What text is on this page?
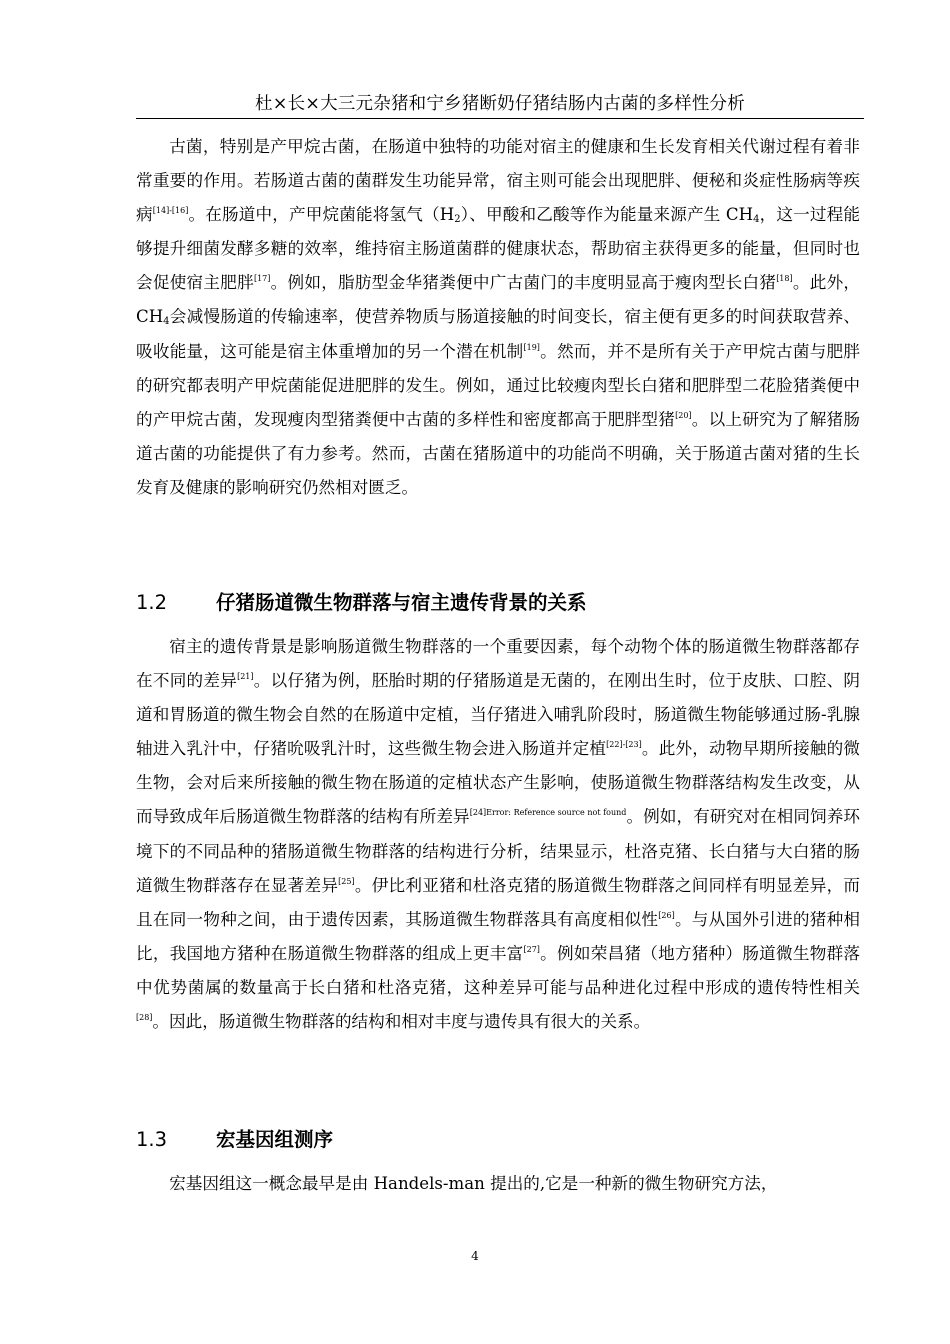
杜×长×大三元杂猪和宁乡猪断奶仔猪结肠内古菌的多样性分析

古菌，特别是产甲烷古菌，在肠道中独特的功能对宿主的健康和生长发育相关代谢过程有着非常重要的作用。若肠道古菌的菌群发生功能异常，宿主则可能会出现肥胖、便秘和炎症性肠病等疾病[14]-[16]。在肠道中，产甲烷菌能将氢气$(H_2)$、甲酸和乙酸等作为能量来源产生 $CH_4$，这一过程能够提升细菌发酵多糖的效率，维持宿主肠道菌群的健康状态，帮助宿主获得更多的能量，但同时也会促使宿主肥胖[17]。例如，脂肪型金华猪粪便中广古菌门的丰度明显高于瘦肉型长白猪[18]。此外，$CH_4$会减慢肠道的传输速率，使营养物质与肠道接触的时间变长，宿主便有更多的时间获取营养、吸收能量，这可能是宿主体重增加的另一个潜在机制[19]。然而，并不是所有关于产甲烷古菌与肥胖的研究都表明产甲烷菌能促进肥胖的发生。例如，通过比较瘦肉型长白猪和肥胖型二花脸猪粪便中的产甲烷古菌，发现瘦肉型猪粪便中古菌的多样性和密度都高于肥胖型猪[20]。以上研究为了解猪肠道古菌的功能提供了有力参考。然而，古菌在猪肠道中的功能尚不明确，关于肠道古菌对猪的生长发育及健康的影响研究仍然相对匮乏。

1.2	仔猪肠道微生物群落与宿主遗传背景的关系

宿主的遗传背景是影响肠道微生物群落的一个重要因素，每个动物个体的肠道微生物群落都存在不同的差异[21]。以仔猪为例，胚胎时期的仔猪肠道是无菌的，在刚出生时，位于皮肤、口腔、阴道和胃肠道的微生物会自然的在肠道中定植，当仔猪进入哺乳阶段时，肠道微生物能够通过肠-乳腺轴进入乳汁中，仔猪吮吸乳汁时，这些微生物会进入肠道并定植[22]-[23]。此外，动物早期所接触的微生物，会对后来所接触的微生物在肠道的定植状态产生影响，使肠道微生物群落结构发生改变，从而导致成年后肠道微生物群落的结构有所差异$^{[24]Error: Reference source not found}$。例如，有研究对在相同饲养环境下的不同品种的猪肠道微生物群落的结构进行分析，结果显示，杜洛克猪、长白猪与大白猪的肠道微生物群落存在显著差异[25]。伊比利亚猪和杜洛克猪的肠道微生物群落之间同样有明显差异，而且在同一物种之间，由于遗传因素，其肠道微生物群落具有高度相似性[26]。与从国外引进的猪种相比，我国地方猪种在肠道微生物群落的组成上更丰富[27]。例如荣昌猪（地方猪种）肠道微生物群落中优势菌属的数量高于长白猪和杜洛克猪，这种差异可能与品种进化过程中形成的遗传特性相关[28]。因此，肠道微生物群落的结构和相对丰度与遗传具有很大的关系。

1.3	宏基因组测序

宏基因组这一概念最早是由 Handels-man 提出的,它是一种新的微生物研究方法，

4
